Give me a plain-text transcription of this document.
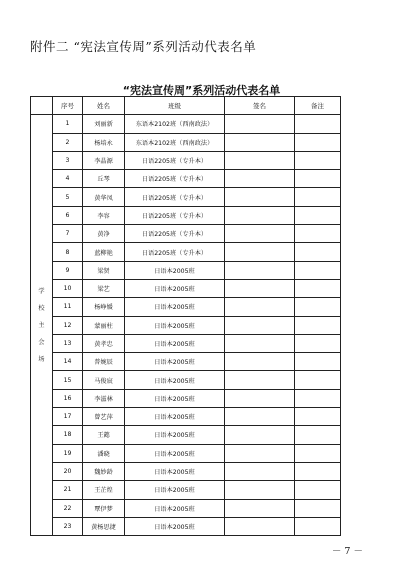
附件二 “宪法宣传周”系列活动代表名单
“宪法宣传周”系列活动代表名单
	序号	姓名	班级	签名	备注
学
校
主
会
场	1	刘丽新	东语本2102班（西南政法）		
	2	杨培永	东语本2102班（西南政法）		
	3	李晶源	日语2205班（专升本）		
	4	丘琴	日语2205班（专升本）		
	5	黄华凤	日语2205班（专升本）		
	6	李容	日语2205班（专升本）		
	7	黄净	日语2205班（专升本）		
	8	蓝柳艳	日语2205班（专升本）		
	9	梁贤	日语本2005班		
	10	梁艺	日语本2005班		
	11	杨峥媛	日语本2005班		
	12	蒙丽柱	日语本2005班		
	13	黄孝忠	日语本2005班		
	14	普婉辰	日语本2005班		
	15	马俊宸	日语本2005班		
	16	李滋林	日语本2005班		
	17	曾艺萍	日语本2005班		
	18	王懿	日语本2005班		
	19	潘晓	日语本2005班		
	20	魏妙龄	日语本2005班		
	21	王芷煌	日语本2005班		
	22	覃伊梦	日语本2005班		
	23	黄杨思捷	日语本2005班		
－ 7 －
